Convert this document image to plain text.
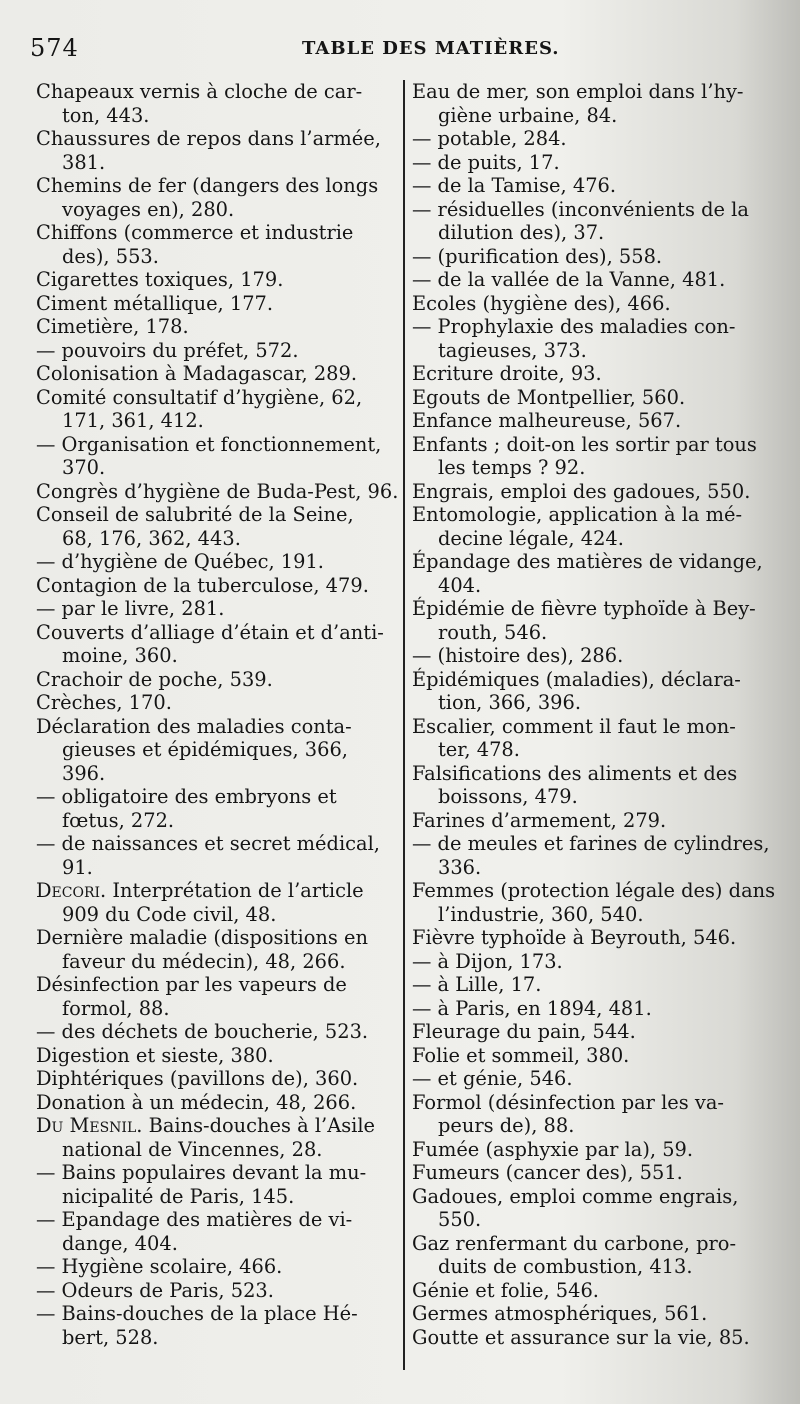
574	TABLE DES MATIÈRES.
Chapeaux vernis à cloche de car-
ton, 443.
Chaussures de repos dans l’armée,
381.
Chemins de fer (dangers des longs
voyages en), 280.
Chiffons (commerce et industrie
des), 553.
Cigarettes toxiques, 179.
Ciment métallique, 177.
Cimetière, 178.
— pouvoirs du préfet, 572.
Colonisation à Madagascar, 289.
Comité consultatif d’hygiène, 62,
171, 361, 412.
— Organisation et fonctionnement,
370.
Congrès d’hygiène de Buda-Pest, 96.
Conseil de salubrité de la Seine,
68, 176, 362, 443.
— d’hygiène de Québec, 191.
Contagion de la tuberculose, 479.
— par le livre, 281.
Couverts d’alliage d’étain et d’anti-
moine, 360.
Crachoir de poche, 539.
Crèches, 170.
Déclaration des maladies conta-
gieuses et épidémiques, 366,
396.
— obligatoire des embryons et
fœtus, 272.
— de naissances et secret médical,
91.
Decori. Interprétation de l’article
909 du Code civil, 48.
Dernière maladie (dispositions en
faveur du médecin), 48, 266.
Désinfection par les vapeurs de
formol, 88.
— des déchets de boucherie, 523.
Digestion et sieste, 380.
Diphtériques (pavillons de), 360.
Donation à un médecin, 48, 266.
Du Mesnil. Bains-douches à l’Asile
national de Vincennes, 28.
— Bains populaires devant la mu-
nicipalité de Paris, 145.
— Epandage des matières de vi-
dange, 404.
— Hygiène scolaire, 466.
— Odeurs de Paris, 523.
— Bains-douches de la place Hé-
bert, 528.
Eau de mer, son emploi dans l’hy-
giène urbaine, 84.
— potable, 284.
— de puits, 17.
— de la Tamise, 476.
— résiduelles (inconvénients de la
dilution des), 37.
— (purification des), 558.
— de la vallée de la Vanne, 481.
Ecoles (hygiène des), 466.
— Prophylaxie des maladies con-
tagieuses, 373.
Ecriture droite, 93.
Egouts de Montpellier, 560.
Enfance malheureuse, 567.
Enfants ; doit-on les sortir par tous
les temps ? 92.
Engrais, emploi des gadoues, 550.
Entomologie, application à la mé-
decine légale, 424.
Épandage des matières de vidange,
404.
Épidémie de fièvre typhoïde à Bey-
routh, 546.
— (histoire des), 286.
Épidémiques (maladies), déclara-
tion, 366, 396.
Escalier, comment il faut le mon-
ter, 478.
Falsifications des aliments et des
boissons, 479.
Farines d’armement, 279.
— de meules et farines de cylindres,
336.
Femmes (protection légale des) dans
l’industrie, 360, 540.
Fièvre typhoïde à Beyrouth, 546.
— à Dijon, 173.
— à Lille, 17.
— à Paris, en 1894, 481.
Fleurage du pain, 544.
Folie et sommeil, 380.
— et génie, 546.
Formol (désinfection par les va-
peurs de), 88.
Fumée (asphyxie par la), 59.
Fumeurs (cancer des), 551.
Gadoues, emploi comme engrais,
550.
Gaz renfermant du carbone, pro-
duits de combustion, 413.
Génie et folie, 546.
Germes atmosphériques, 561.
Goutte et assurance sur la vie, 85.
